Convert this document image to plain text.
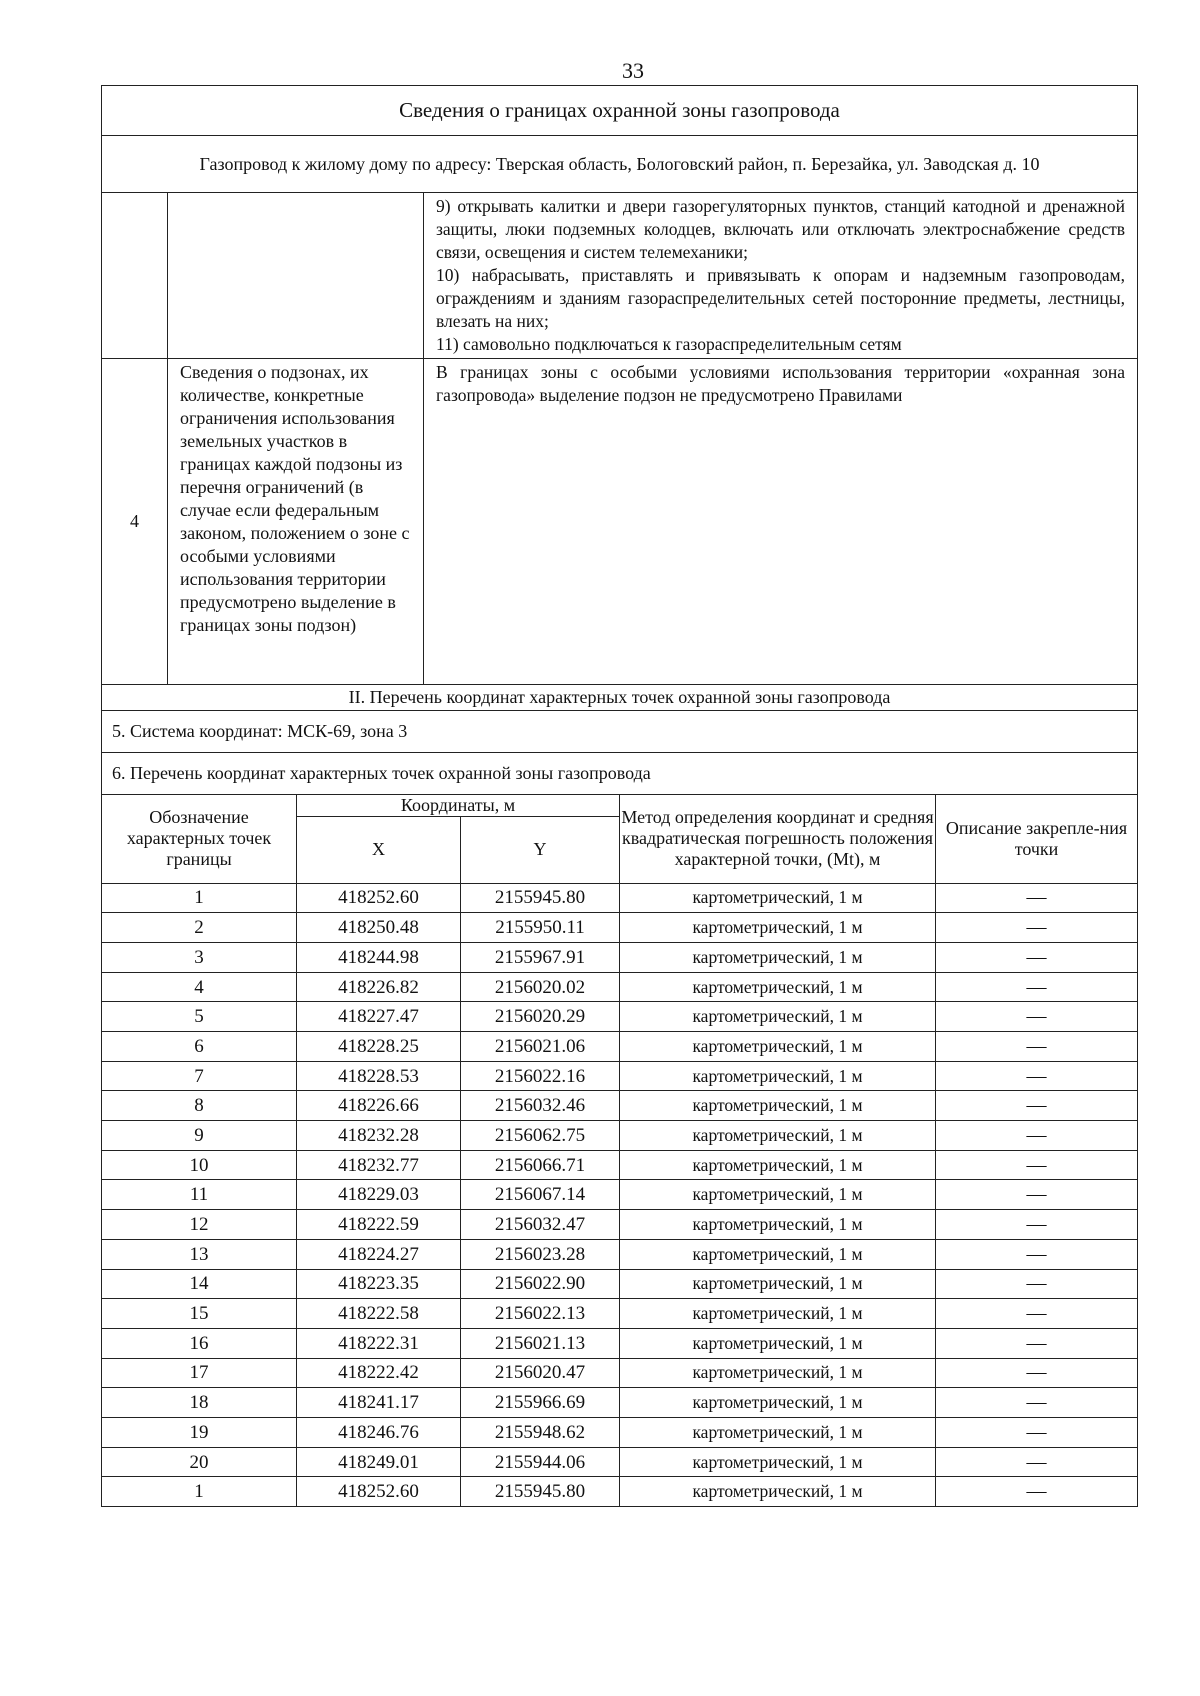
33
Сведения о границах охранной зоны газопровода		
Газопровод к жилому дому по адресу: Тверская область, Бологовский район, п. Березайка, ул. Заводская д. 10		

		9) открывать калитки и двери газорегуляторных пунктов, станций катодной и дренажной защиты, люки подземных колодцев, включать или отключать электроснабжение средств связи, освещения и систем телемеханики;
10) набрасывать, приставлять и привязывать к опорам и надземным газопроводам, ограждениям и зданиям газораспределительных сетей посторонние предметы, лестницы, влезать на них;
11) самовольно подключаться к газораспределительным сетям

4	Сведения о подзонах, их количестве, конкретные ограничения использования земельных участков в границах каждой подзоны из перечня ограничений (в случае если федеральным законом, положением о зоне с особыми условиями использования территории предусмотрено выделение в границах зоны подзон)	В границах зоны с особыми условиями использования территории «охранная зона газопровода» выделение подзон не предусмотрено Правилами
II. Перечень координат характерных точек охранной зоны газопровода		
5. Система координат: МСК-69, зона 3		
6. Перечень координат характерных точек охранной зоны газопровода		
Обозначение характерных точек границы	Координаты, м		Метод определения координат и средняя квадратическая погрешность положения характерной точки, (Mt), м	Описание закрепле-ния точки
	X	Y		
1	418252.60	2155945.80	картометрический, 1 м	—
2	418250.48	2155950.11	картометрический, 1 м	—
3	418244.98	2155967.91	картометрический, 1 м	—
4	418226.82	2156020.02	картометрический, 1 м	—
5	418227.47	2156020.29	картометрический, 1 м	—
6	418228.25	2156021.06	картометрический, 1 м	—
7	418228.53	2156022.16	картометрический, 1 м	—
8	418226.66	2156032.46	картометрический, 1 м	—
9	418232.28	2156062.75	картометрический, 1 м	—
10	418232.77	2156066.71	картометрический, 1 м	—
11	418229.03	2156067.14	картометрический, 1 м	—
12	418222.59	2156032.47	картометрический, 1 м	—
13	418224.27	2156023.28	картометрический, 1 м	—
14	418223.35	2156022.90	картометрический, 1 м	—
15	418222.58	2156022.13	картометрический, 1 м	—
16	418222.31	2156021.13	картометрический, 1 м	—
17	418222.42	2156020.47	картометрический, 1 м	—
18	418241.17	2155966.69	картометрический, 1 м	—
19	418246.76	2155948.62	картометрический, 1 м	—
20	418249.01	2155944.06	картометрический, 1 м	—
1	418252.60	2155945.80	картометрический, 1 м	—
